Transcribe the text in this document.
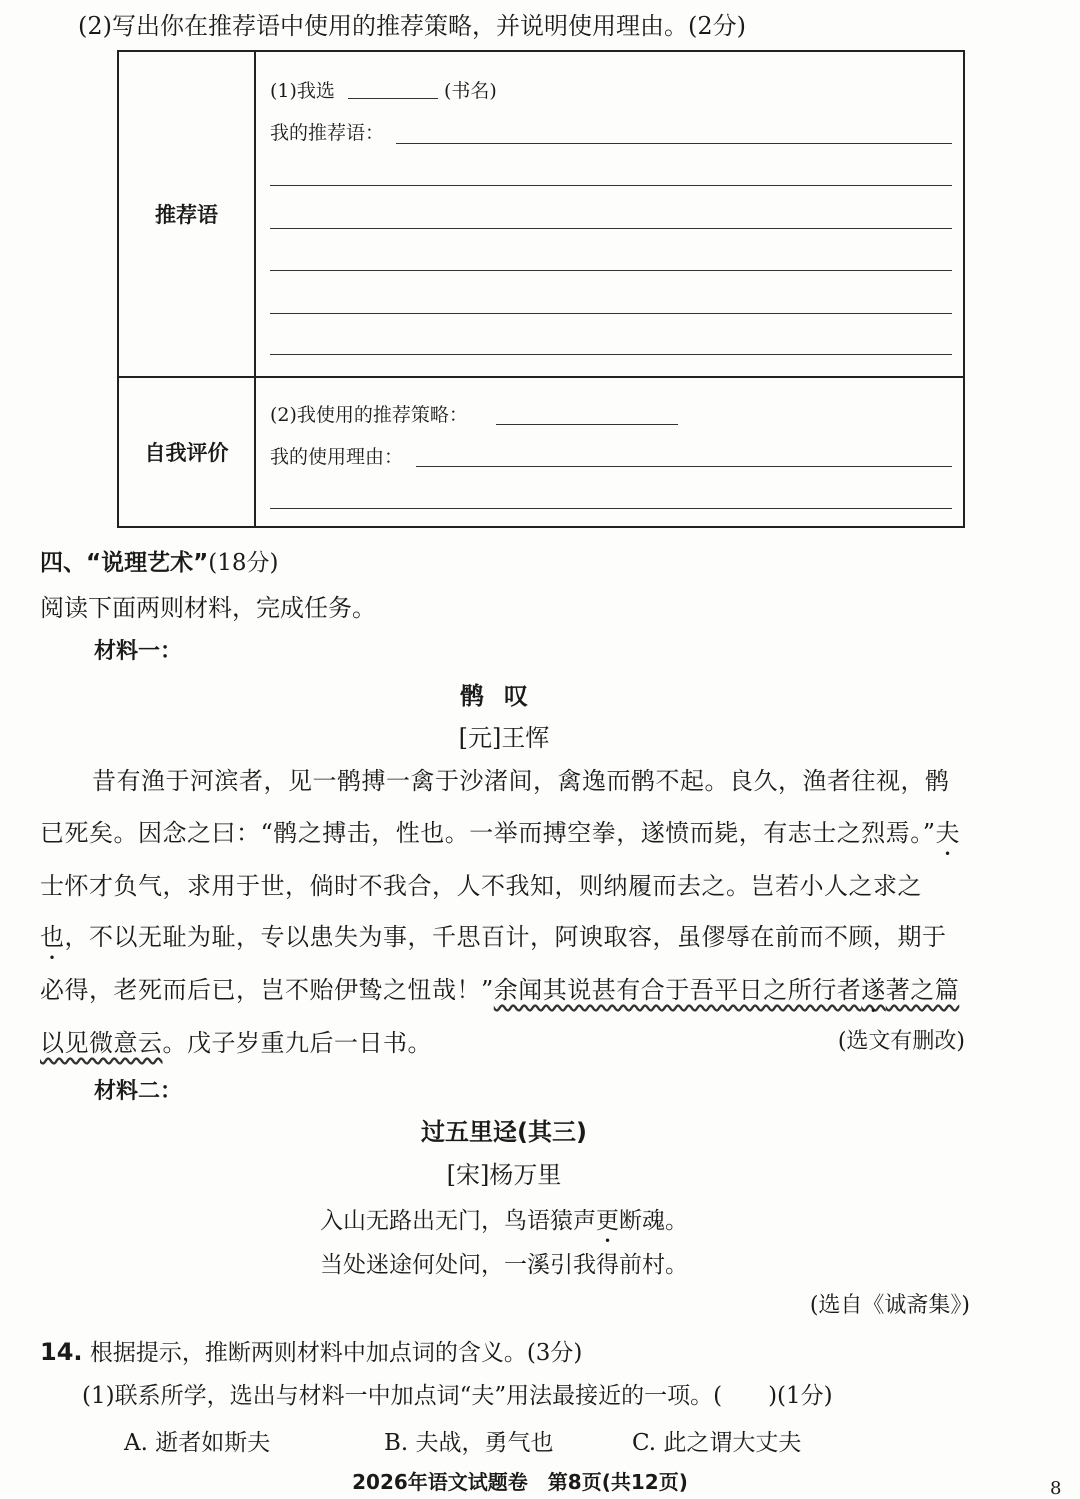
(2)写出你在推荐语中使用的推荐策略，并说明使用理由。(2分)
推荐语	(1)我选 (书名)
我的推荐语：

自我评价	(2)我使用的推荐策略：
我的使用理由：
四、“说理艺术”(18分)
阅读下面两则材料，完成任务。
材料一：
鹘叹
[元]王恽
昔有渔于河滨者，见一鹘搏一禽于沙渚间，禽逸而鹘不起。良久，渔者往视，鹘已死矣。因念之曰：“鹘之搏击，性也。一举而搏空拳，遂愤而毙，有志士之烈焉。”夫士怀才负气，求用于世，倘时不我合，人不我知，则纳履而去之。岂若小人之求之也，不以无耻为耻，专以患失为事，千思百计，阿谀取容，虽僇辱在前而不顾，期于必得，老死而后已，岂不贻伊鸷之忸哉！”余闻其说甚有合于吾平日之所行者遂著之篇以见微意云。戊子岁重九后一日书。	(选文有删改)
材料二：
过五里迳(其三)
[宋]杨万里
入山无路出无门，鸟语猿声更断魂。
当处迷途何处问，一溪引我得前村。
(选自《诚斋集》)
14. 根据提示，推断两则材料中加点词的含义。(3分)
(1)联系所学，选出与材料一中加点词“夫”用法最接近的一项。(　　)(1分)
A. 逝者如斯夫	B. 夫战，勇气也	C. 此之谓大丈夫
2026年语文试题卷　第8页(共12页)	8
